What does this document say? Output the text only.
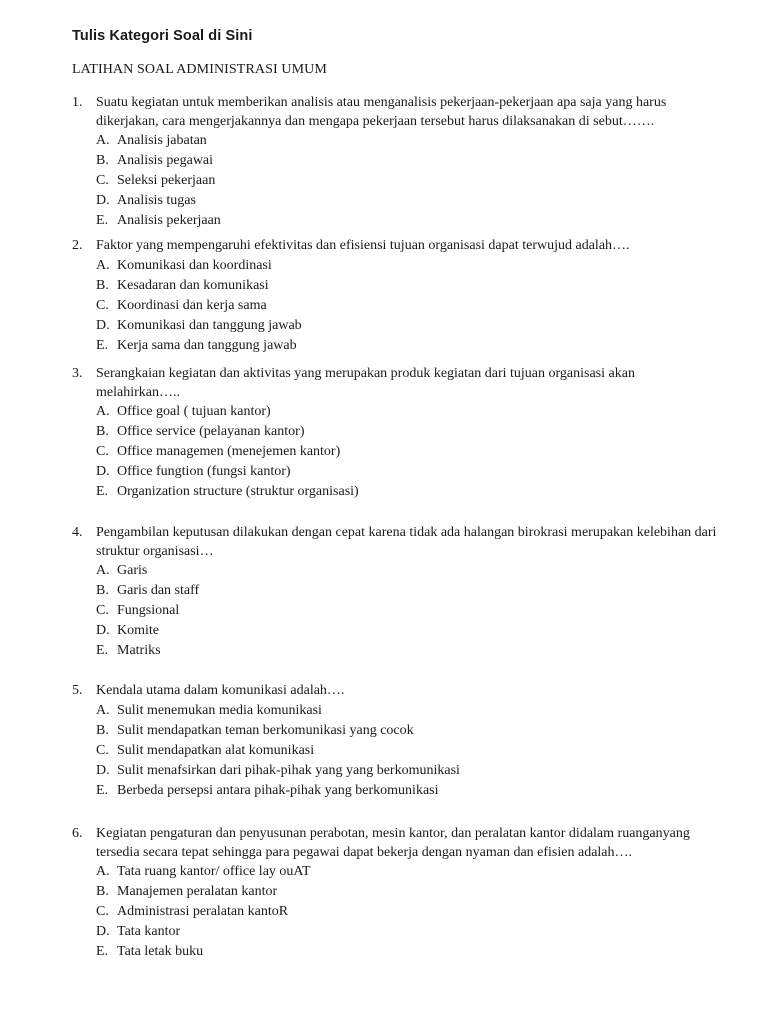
Tulis Kategori Soal di Sini
LATIHAN SOAL ADMINISTRASI UMUM
1. Suatu kegiatan untuk memberikan analisis atau menganalisis pekerjaan-pekerjaan apa saja yang harus dikerjakan, cara mengerjakannya dan mengapa pekerjaan tersebut harus dilaksanakan di sebut…….
A. Analisis jabatan
B. Analisis pegawai
C. Seleksi pekerjaan
D. Analisis tugas
E. Analisis pekerjaan
2. Faktor yang mempengaruhi efektivitas dan efisiensi tujuan organisasi dapat terwujud adalah….
A. Komunikasi dan koordinasi
B. Kesadaran dan komunikasi
C. Koordinasi dan kerja sama
D. Komunikasi dan tanggung jawab
E. Kerja sama dan tanggung jawab
3. Serangkaian kegiatan dan aktivitas yang merupakan produk kegiatan dari tujuan organisasi akan melahirkan…..
A. Office goal ( tujuan kantor)
B. Office service (pelayanan kantor)
C. Office managemen (menejemen kantor)
D. Office fungtion (fungsi kantor)
E. Organization structure (struktur organisasi)
4. Pengambilan keputusan dilakukan dengan cepat karena tidak ada halangan birokrasi merupakan kelebihan dari struktur organisasi…
A. Garis
B. Garis dan staff
C. Fungsional
D. Komite
E. Matriks
5. Kendala utama dalam komunikasi adalah….
A. Sulit menemukan media komunikasi
B. Sulit mendapatkan teman berkomunikasi yang cocok
C. Sulit mendapatkan alat komunikasi
D. Sulit menafsirkan dari pihak-pihak yang yang berkomunikasi
E. Berbeda persepsi antara pihak-pihak yang berkomunikasi
6. Kegiatan pengaturan dan penyusunan perabotan, mesin kantor, dan peralatan kantor didalam ruanganyang tersedia secara tepat sehingga para pegawai dapat bekerja dengan nyaman dan efisien adalah….
A. Tata ruang kantor/ office lay ouAT
B. Manajemen peralatan kantor
C. Administrasi peralatan kantoR
D. Tata kantor
E. Tata letak buku
